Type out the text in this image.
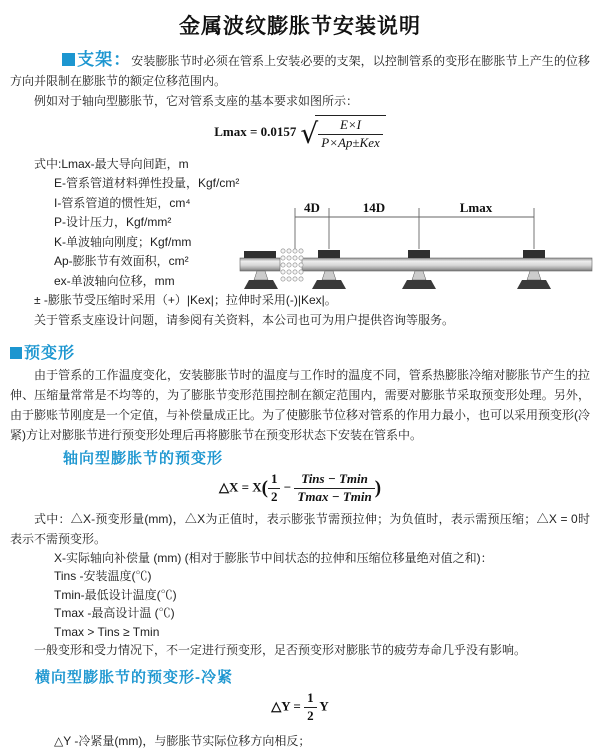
金属波纹膨胀节安装说明

支架：安装膨胀节时必须在管系上安装必要的支架，以控制管系的变形在膨胀节上产生的位移方向并限制在膨胀节的额定位移范围内。

例如对于轴向型膨胀节，它对管系支座的基本要求如图所示：

Lmax = 0.0157 √ $\frac{E\times I}{\text{P×Ap±Kex}}$
式中:Lmax-最大导向间距，m
E-管系管道材料弹性投量，Kgf/cm²
I-管系管道的惯性矩，cm⁴
P-设计压力，Kgf/mm²
K-单波轴向刚度；Kgf/mm
Ap-膨胀节有效面积，cm²
ex-单波轴向位移，mm
± -膨胀节受压缩时采用（+）|Kex|；拉伸时采用(-)|Kex|。
关于管系支座设计问题，请参阅有关资料，本公司也可为用户提供咨询等服务。
4D	14D	Lmax
预变形

由于管系的工作温度变化，安装膨胀节时的温度与工作时的温度不同，管系热膨胀冷缩对膨胀节产生的拉伸、压缩量常常是不均等的，为了膨胀节变形范围控制在额定范围内，需要对膨胀节采取预变形处理。另外，由于膨账节刚度是一个定值，与补偿量成正比。为了使膨胀节位移对管系的作用力最小，也可以采用预变形(冷紧)方让对膨胀节进行预变形处理后再将膨胀节在预变形状态下安装在管系中。

轴向型膨胀节的预变形
△X = $X( \frac{1}{2} - \frac{\text{Tins − Tmin}}{Tmax - Tmin}$ )

式中：△X-预变形量(mm)，△X为正值时，表示膨张节需预拉伸；为负值时，表示需预压缩；△X = 0时表示不需预变形。

X-实际轴向补偿量 (mm) (相对于膨胀节中间状态的拉伸和压缩位移量绝对值之和)：

Tins -安装温度(℃)

Tmin-最低设计温度(℃)

Tmax -最高设计温 (℃)

Tmax > Tins ≥ Tmin

一般变形和受力情况下，不一定进行预变形，足否预变形对膨胀节的疲劳寿命几乎没有影响。

横向型膨胀节的预变形-冷紧
△Y = $\frac{1}{2}$ Y

△Y -冷紧量(mm)，与膨胀节实际位移方向相反；
